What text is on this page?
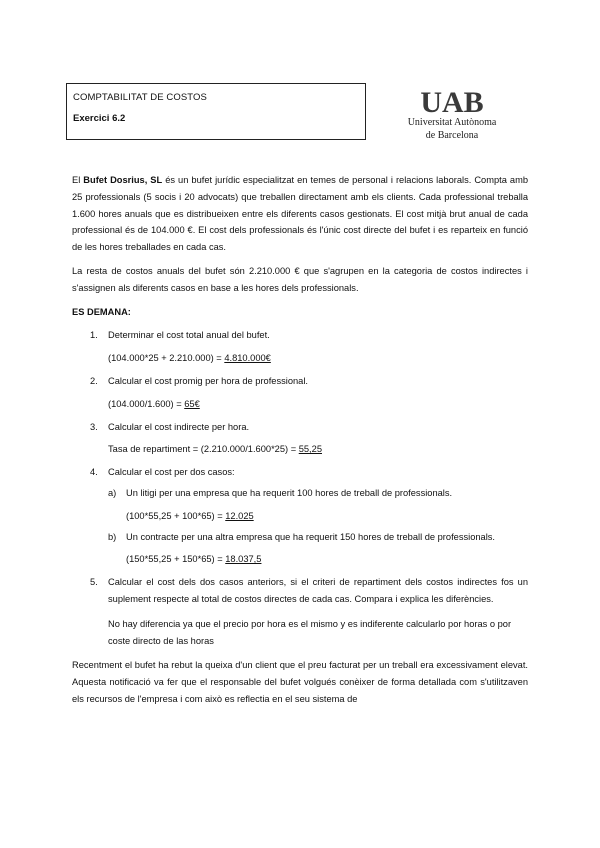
COMPTABILITAT DE COSTOS
Exercici 6.2	UAB
Universitat Autònoma
de Barcelona

El Bufet Dosrius, SL és un bufet jurídic especialitzat en temes de personal i relacions laborals. Compta amb 25 professionals (5 socis i 20 advocats) que treballen directament amb els clients. Cada professional treballa 1.600 hores anuals que es distribueixen entre els diferents casos gestionats. El cost mitjà brut anual de cada professional és de 104.000 €. El cost dels professionals és l'únic cost directe del bufet i es reparteix en funció de les hores treballades en cada cas.

La resta de costos anuals del bufet són 2.210.000 € que s'agrupen en la categoria de costos indirectes i s'assignen als diferents casos en base a les hores dels professionals.

ES DEMANA:

1. Determinar el cost total anual del bufet.

(104.000*25 + 2.210.000) = 4.810.000€

2. Calcular el cost promig per hora de professional.

(104.000/1.600) = 65€

3. Calcular el cost indirecte per hora.

Tasa de repartiment = (2.210.000/1.600*25) = 55,25

4. Calcular el cost per dos casos:
a) Un litigi per una empresa que ha requerit 100 hores de treball de professionals.

(100*55,25 + 100*65) = 12.025

b) Un contracte per una altra empresa que ha requerit 150 hores de treball de professionals.

(150*55,25 + 150*65) = 18.037,5

5. Calcular el cost dels dos casos anteriors, si el criteri de repartiment dels costos indirectes fos un suplement respecte al total de costos directes de cada cas. Compara i explica les diferències.

No hay diferencia ya que el precio por hora es el mismo y es indiferente calcularlo por horas o por coste directo de las horas

Recentment el bufet ha rebut la queixa d'un client que el preu facturat per un treball era excessivament elevat. Aquesta notificació va fer que el responsable del bufet volgués conèixer de forma detallada com s'utilitzaven els recursos de l'empresa i com això es reflectia en el seu sistema de
